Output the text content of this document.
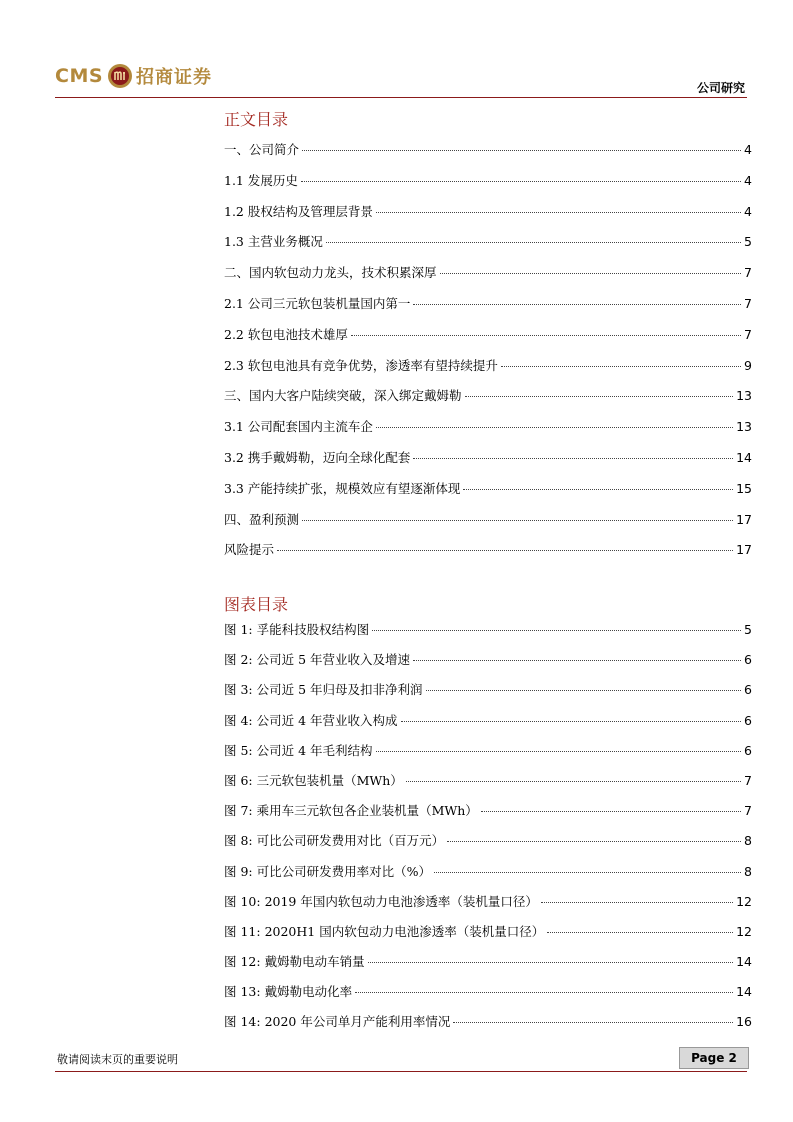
CMS 招商证券	公司研究
正文目录
一、公司简介	4
1.1 发展历史	4
1.2 股权结构及管理层背景	4
1.3 主营业务概况	5
二、国内软包动力龙头，技术积累深厚	7
2.1 公司三元软包装机量国内第一	7
2.2 软包电池技术雄厚	7
2.3 软包电池具有竞争优势，渗透率有望持续提升	9
三、国内大客户陆续突破，深入绑定戴姆勒	13
3.1 公司配套国内主流车企	13
3.2 携手戴姆勒，迈向全球化配套	14
3.3 产能持续扩张，规模效应有望逐渐体现	15
四、盈利预测	17
风险提示	17
图表目录
图 1: 孚能科技股权结构图	5
图 2: 公司近 5 年营业收入及增速	6
图 3: 公司近 5 年归母及扣非净利润	6
图 4: 公司近 4 年营业收入构成	6
图 5: 公司近 4 年毛利结构	6
图 6: 三元软包装机量（MWh）	7
图 7: 乘用车三元软包各企业装机量（MWh）	7
图 8: 可比公司研发费用对比（百万元）	8
图 9: 可比公司研发费用率对比（%）	8
图 10: 2019 年国内软包动力电池渗透率（装机量口径）	12
图 11: 2020H1 国内软包动力电池渗透率（装机量口径）	12
图 12: 戴姆勒电动车销量	14
图 13: 戴姆勒电动化率	14
图 14: 2020 年公司单月产能利用率情况	16
敬请阅读末页的重要说明	Page 2
